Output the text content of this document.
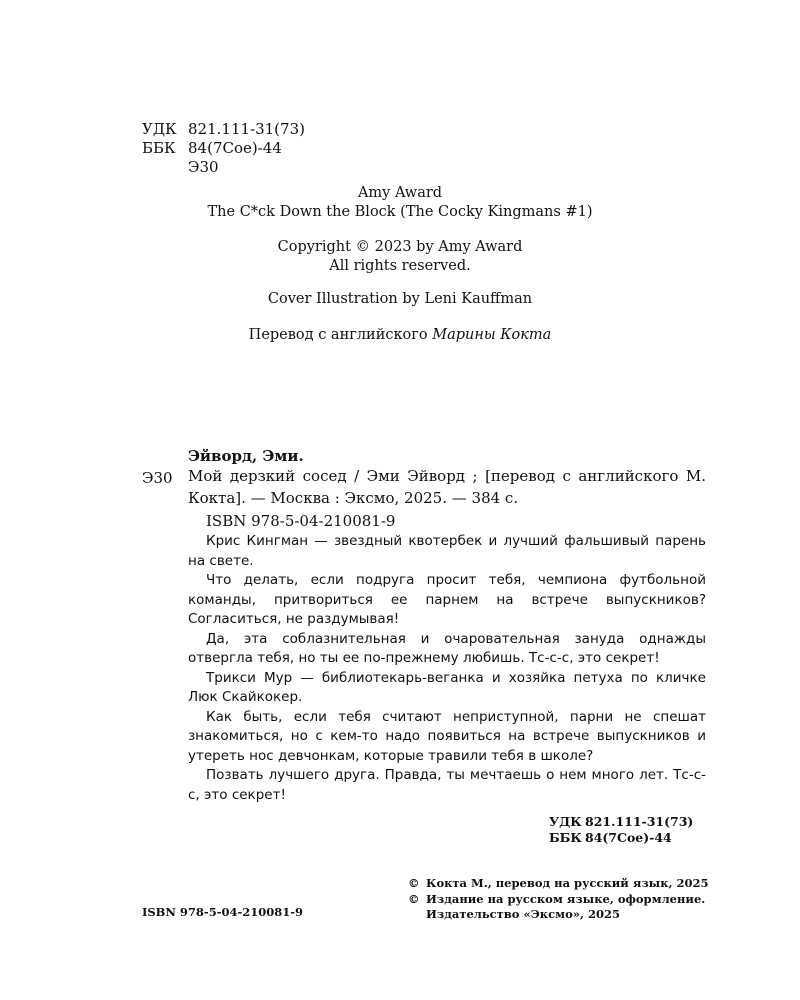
УДК 821.111-31(73)
ББК 84(7Сое)-44
Э30
Amy Award
The C*ck Down the Block (The Cocky Kingmans #1)
Copyright © 2023 by Amy Award
All rights reserved.
Cover Illustration by Leni Kauffman
Перевод с английского Марины Кокта
Эйворд, Эми.
Э30 Мой дерзкий сосед / Эми Эйворд ; [перевод с английского М. Кокта]. — Москва : Эксмо, 2025. — 384 с.
ISBN 978-5-04-210081-9

Крис Кингман — звездный квотербек и лучший фальшивый парень на свете.

Что делать, если подруга просит тебя, чемпиона футбольной команды, притвориться ее парнем на встрече выпускников? Согласиться, не раздумывая!

Да, эта соблазнительная и очаровательная зануда однажды отвергла тебя, но ты ее по-прежнему любишь. Тс-с-с, это секрет!

Трикси Мур — библиотекарь-веганка и хозяйка петуха по кличке Люк Скайкокер.

Как быть, если тебя считают неприступной, парни не спешат знакомиться, но с кем-то надо появиться на встрече выпускников и утереть нос девчонкам, которые травили тебя в школе?

Позвать лучшего друга. Правда, ты мечтаешь о нем много лет. Тс-с-с, это секрет!

УДК 821.111-31(73)
ББК 84(7Сое)-44
ISBN 978-5-04-210081-9
© Кокта М., перевод на русский язык, 2025
© Издание на русском языке, оформление.
Издательство «Эксмо», 2025
